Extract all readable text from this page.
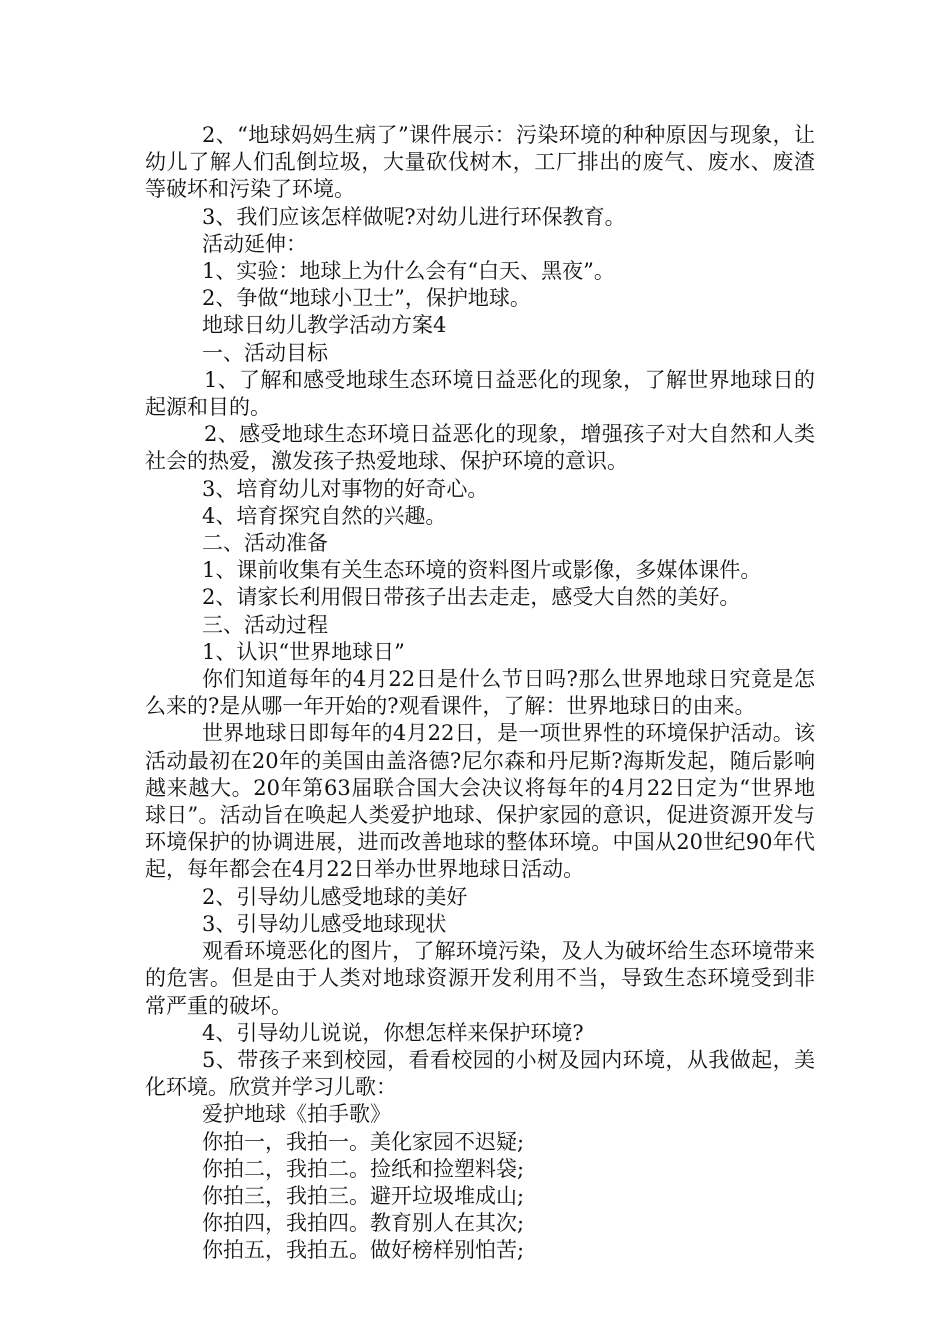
2、“地球妈妈生病了”课件展示：污染环境的种种原因与现象，让幼儿了解人们乱倒垃圾，大量砍伐树木，工厂排出的废气、废水、废渣等破坏和污染了环境。

3、我们应该怎样做呢?对幼儿进行环保教育。

活动延伸：

1、实验：地球上为什么会有“白天、黑夜”。

2、争做“地球小卫士”，保护地球。

地球日幼儿教学活动方案4

一、活动目标

1、了解和感受地球生态环境日益恶化的现象，了解世界地球日的起源和目的。

2、感受地球生态环境日益恶化的现象，增强孩子对大自然和人类社会的热爱，激发孩子热爱地球、保护环境的意识。

3、培育幼儿对事物的好奇心。

4、培育探究自然的兴趣。

二、活动准备

1、课前收集有关生态环境的资料图片或影像，多媒体课件。

2、请家长利用假日带孩子出去走走，感受大自然的美好。

三、活动过程

1、认识“世界地球日”

你们知道每年的4月22日是什么节日吗?那么世界地球日究竟是怎么来的?是从哪一年开始的?观看课件，了解：世界地球日的由来。

世界地球日即每年的4月22日，是一项世界性的环境保护活动。该活动最初在20年的美国由盖洛德?尼尔森和丹尼斯?海斯发起，随后影响越来越大。20年第63届联合国大会决议将每年的4月22日定为“世界地球日”。活动旨在唤起人类爱护地球、保护家园的意识，促进资源开发与环境保护的协调进展，进而改善地球的整体环境。中国从20世纪90年代起，每年都会在4月22日举办世界地球日活动。

2、引导幼儿感受地球的美好

3、引导幼儿感受地球现状

观看环境恶化的图片，了解环境污染，及人为破坏给生态环境带来的危害。但是由于人类对地球资源开发利用不当，导致生态环境受到非常严重的破坏。

4、引导幼儿说说，你想怎样来保护环境?

5、带孩子来到校园，看看校园的小树及园内环境，从我做起，美化环境。欣赏并学习儿歌：

爱护地球《拍手歌》

你拍一，我拍一。美化家园不迟疑;

你拍二，我拍二。捡纸和捡塑料袋;

你拍三，我拍三。避开垃圾堆成山;

你拍四，我拍四。教育别人在其次;

你拍五，我拍五。做好榜样别怕苦;
